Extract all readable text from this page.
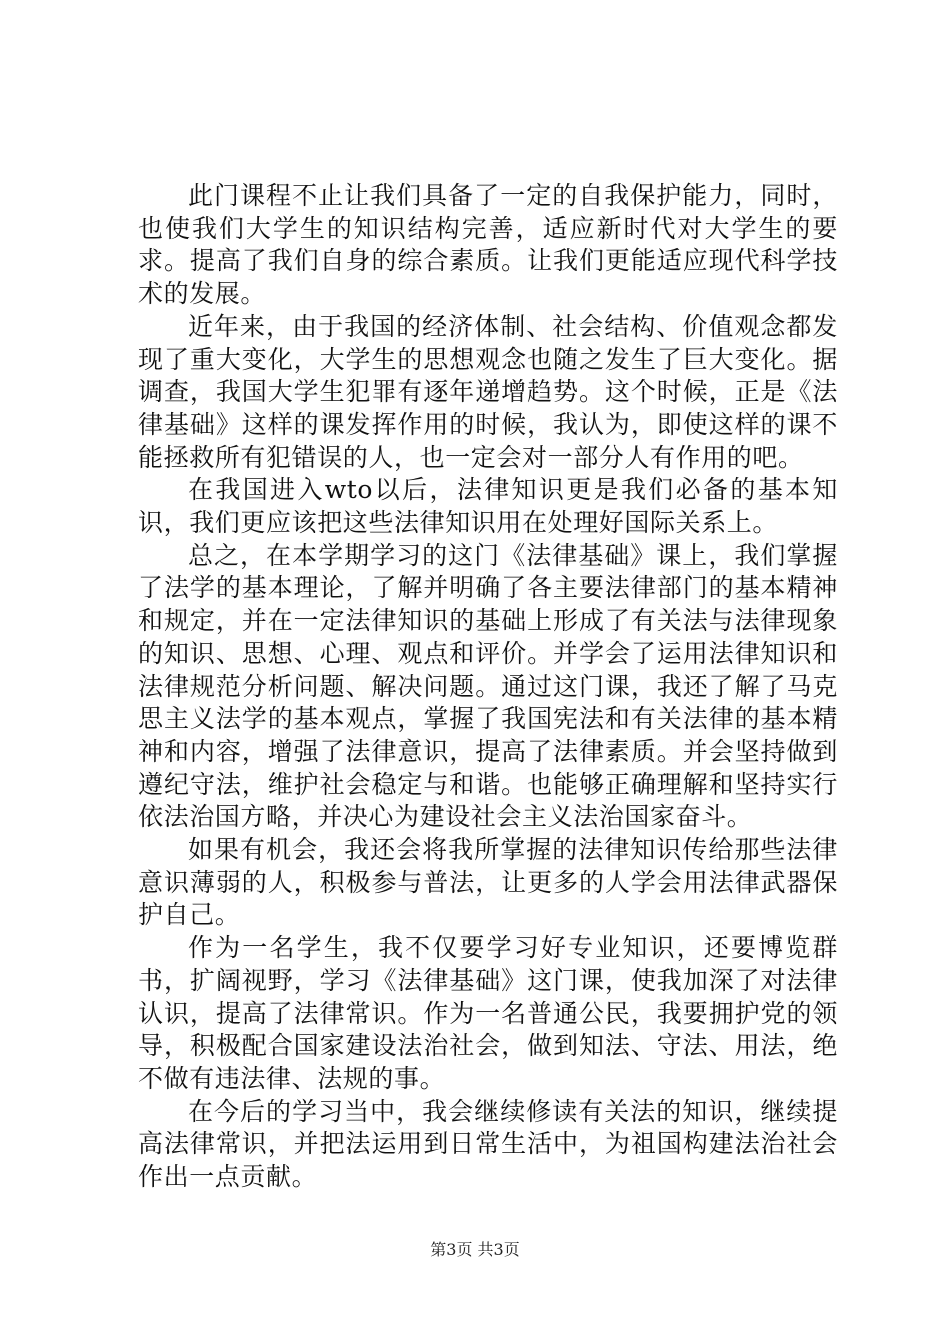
此门课程不止让我们具备了一定的自我保护能力，同时，也使我们大学生的知识结构完善，适应新时代对大学生的要求。提高了我们自身的综合素质。让我们更能适应现代科学技术的发展。

近年来，由于我国的经济体制、社会结构、价值观念都发现了重大变化，大学生的思想观念也随之发生了巨大变化。据调查，我国大学生犯罪有逐年递增趋势。这个时候，正是《法律基础》这样的课发挥作用的时候，我认为，即使这样的课不能拯救所有犯错误的人，也一定会对一部分人有作用的吧。

在我国进入wto以后，法律知识更是我们必备的基本知识，我们更应该把这些法律知识用在处理好国际关系上。

总之，在本学期学习的这门《法律基础》课上，我们掌握了法学的基本理论，了解并明确了各主要法律部门的基本精神和规定，并在一定法律知识的基础上形成了有关法与法律现象的知识、思想、心理、观点和评价。并学会了运用法律知识和法律规范分析问题、解决问题。通过这门课，我还了解了马克思主义法学的基本观点，掌握了我国宪法和有关法律的基本精神和内容，增强了法律意识，提高了法律素质。并会坚持做到遵纪守法，维护社会稳定与和谐。也能够正确理解和坚持实行依法治国方略，并决心为建设社会主义法治国家奋斗。

如果有机会，我还会将我所掌握的法律知识传给那些法律意识薄弱的人，积极参与普法，让更多的人学会用法律武器保护自己。

作为一名学生，我不仅要学习好专业知识，还要博览群书，扩阔视野，学习《法律基础》这门课，使我加深了对法律认识，提高了法律常识。作为一名普通公民，我要拥护党的领导，积极配合国家建设法治社会，做到知法、守法、用法，绝不做有违法律、法规的事。

在今后的学习当中，我会继续修读有关法的知识，继续提高法律常识，并把法运用到日常生活中，为祖国构建法治社会作出一点贡献。

第3页 共3页
